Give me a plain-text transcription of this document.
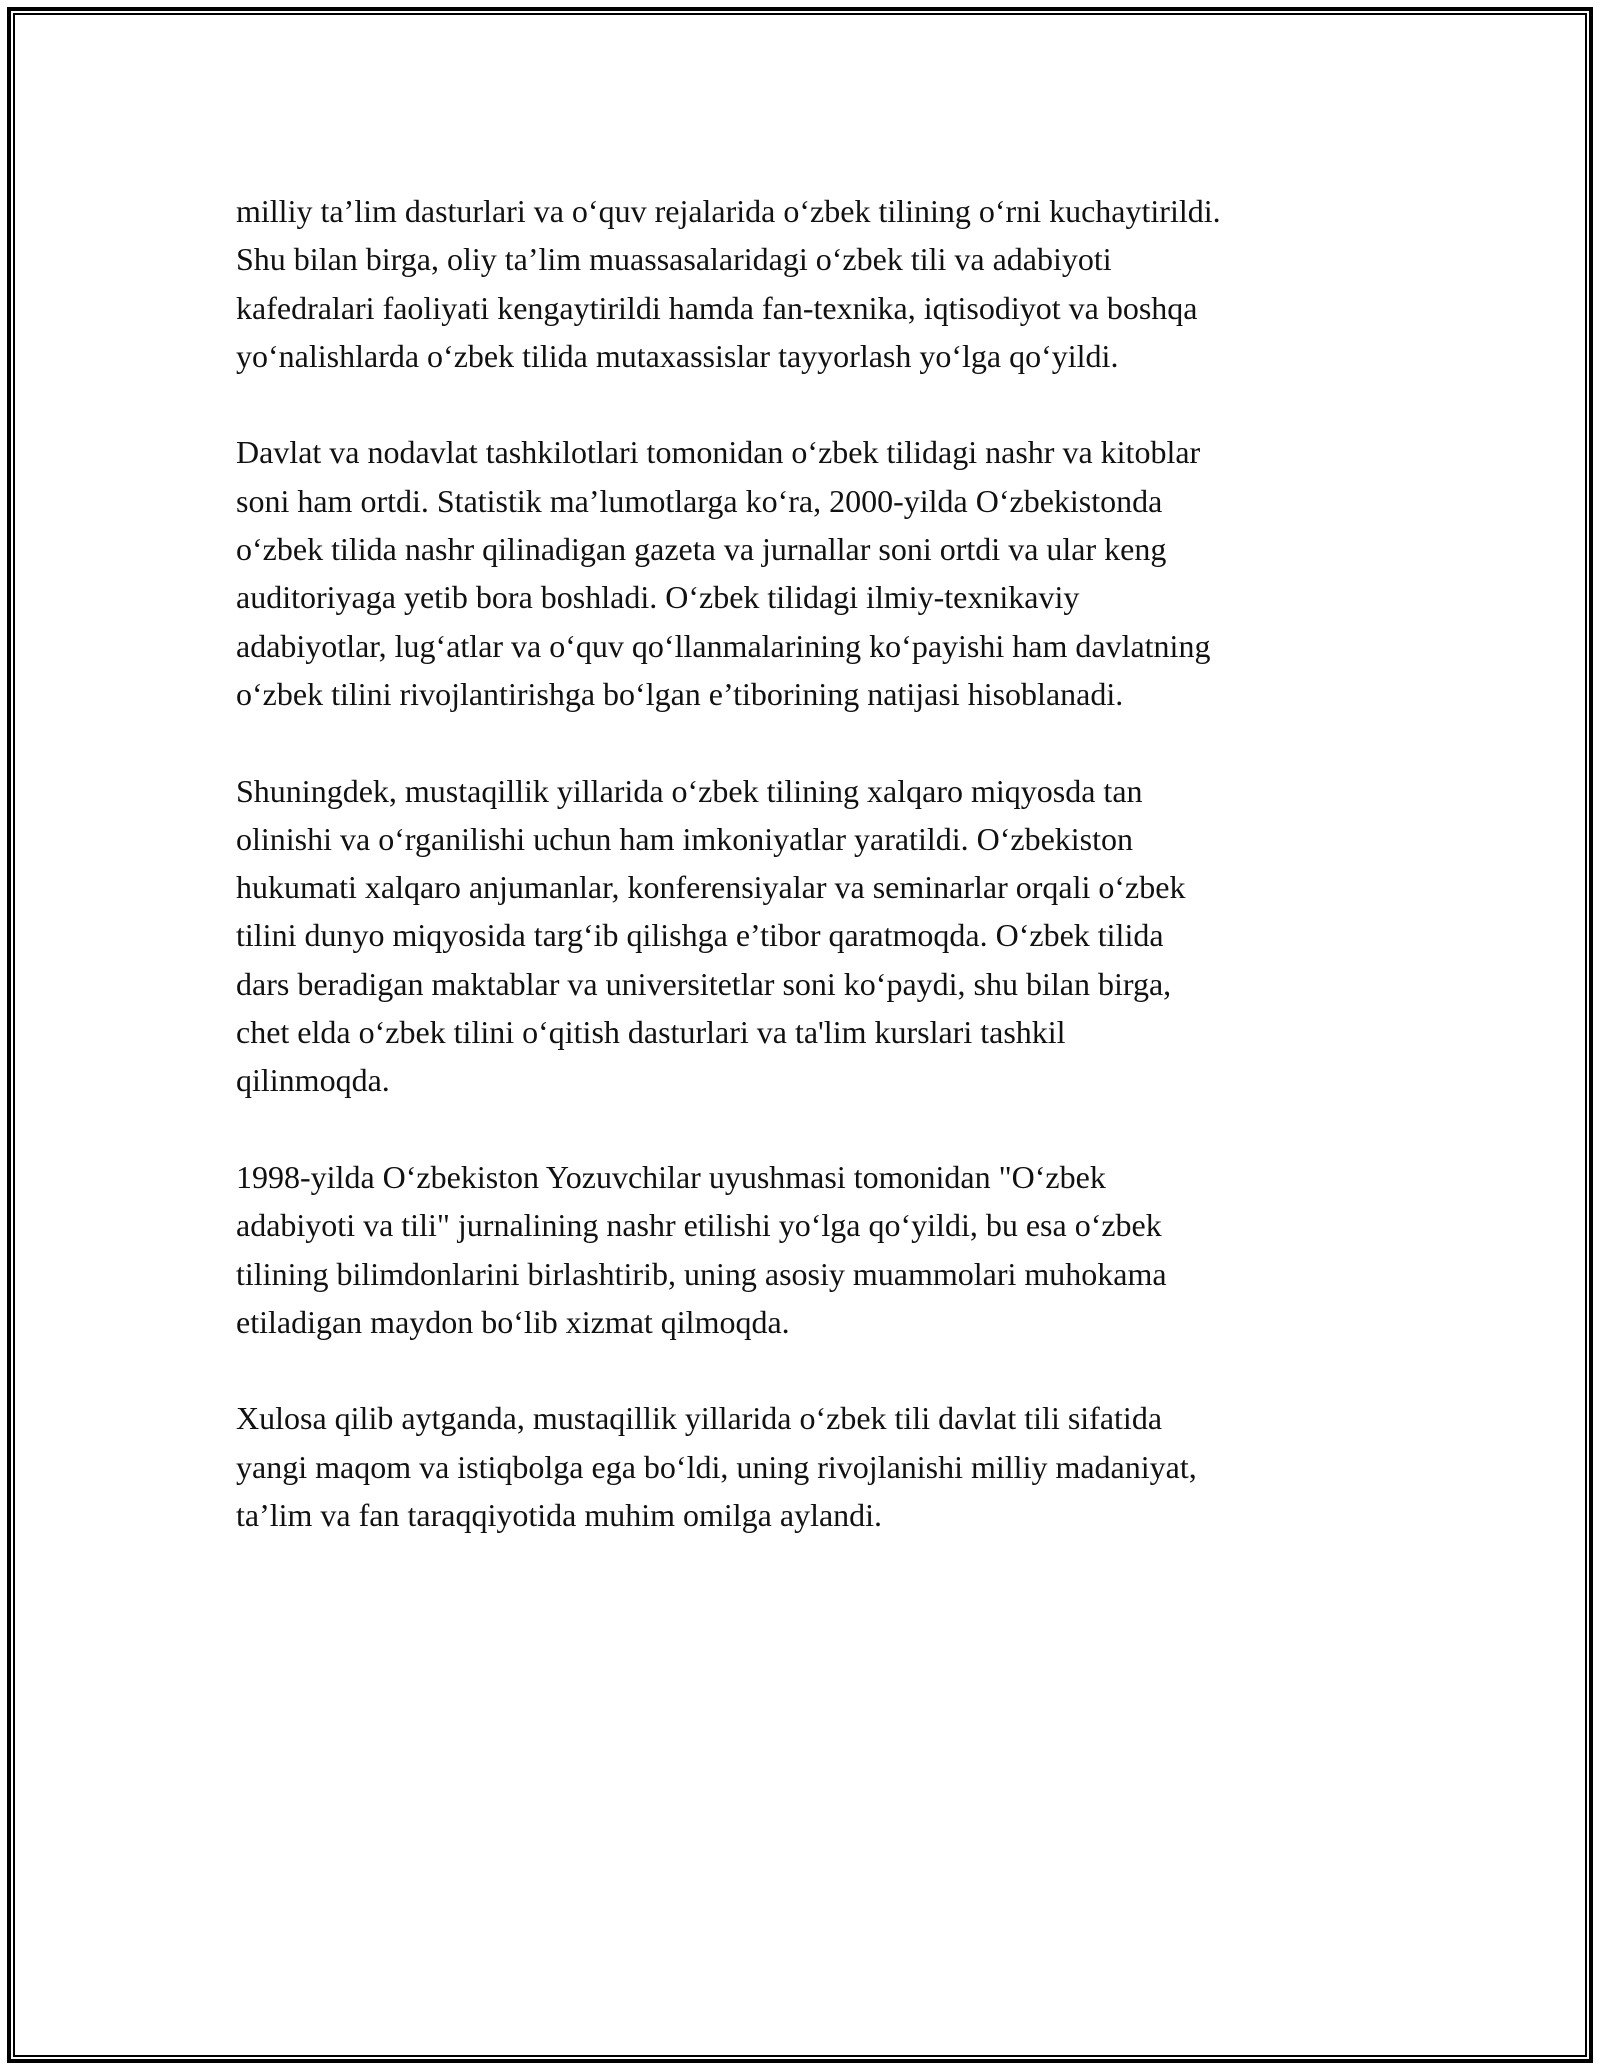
milliy ta’lim dasturlari va o‘quv rejalarida o‘zbek tilining o‘rni kuchaytirildi.
Shu bilan birga, oliy ta’lim muassasalaridagi o‘zbek tili va adabiyoti
kafedralari faoliyati kengaytirildi hamda fan-texnika, iqtisodiyot va boshqa
yo‘nalishlarda o‘zbek tilida mutaxassislar tayyorlash yo‘lga qo‘yildi.

Davlat va nodavlat tashkilotlari tomonidan o‘zbek tilidagi nashr va kitoblar
soni ham ortdi. Statistik ma’lumotlarga ko‘ra, 2000-yilda O‘zbekistonda
o‘zbek tilida nashr qilinadigan gazeta va jurnallar soni ortdi va ular keng
auditoriyaga yetib bora boshladi. O‘zbek tilidagi ilmiy-texnikaviy
adabiyotlar, lug‘atlar va o‘quv qo‘llanmalarining ko‘payishi ham davlatning
o‘zbek tilini rivojlantirishga bo‘lgan e’tiborining natijasi hisoblanadi.

Shuningdek, mustaqillik yillarida o‘zbek tilining xalqaro miqyosda tan
olinishi va o‘rganilishi uchun ham imkoniyatlar yaratildi. O‘zbekiston
hukumati xalqaro anjumanlar, konferensiyalar va seminarlar orqali o‘zbek
tilini dunyo miqyosida targ‘ib qilishga e’tibor qaratmoqda. O‘zbek tilida
dars beradigan maktablar va universitetlar soni ko‘paydi, shu bilan birga,
chet elda o‘zbek tilini o‘qitish dasturlari va ta'lim kurslari tashkil
qilinmoqda.

1998-yilda O‘zbekiston Yozuvchilar uyushmasi tomonidan "O‘zbek
adabiyoti va tili" jurnalining nashr etilishi yo‘lga qo‘yildi, bu esa o‘zbek
tilining bilimdonlarini birlashtirib, uning asosiy muammolari muhokama
etiladigan maydon bo‘lib xizmat qilmoqda.

Xulosa qilib aytganda, mustaqillik yillarida o‘zbek tili davlat tili sifatida
yangi maqom va istiqbolga ega bo‘ldi, uning rivojlanishi milliy madaniyat,
ta’lim va fan taraqqiyotida muhim omilga aylandi.
